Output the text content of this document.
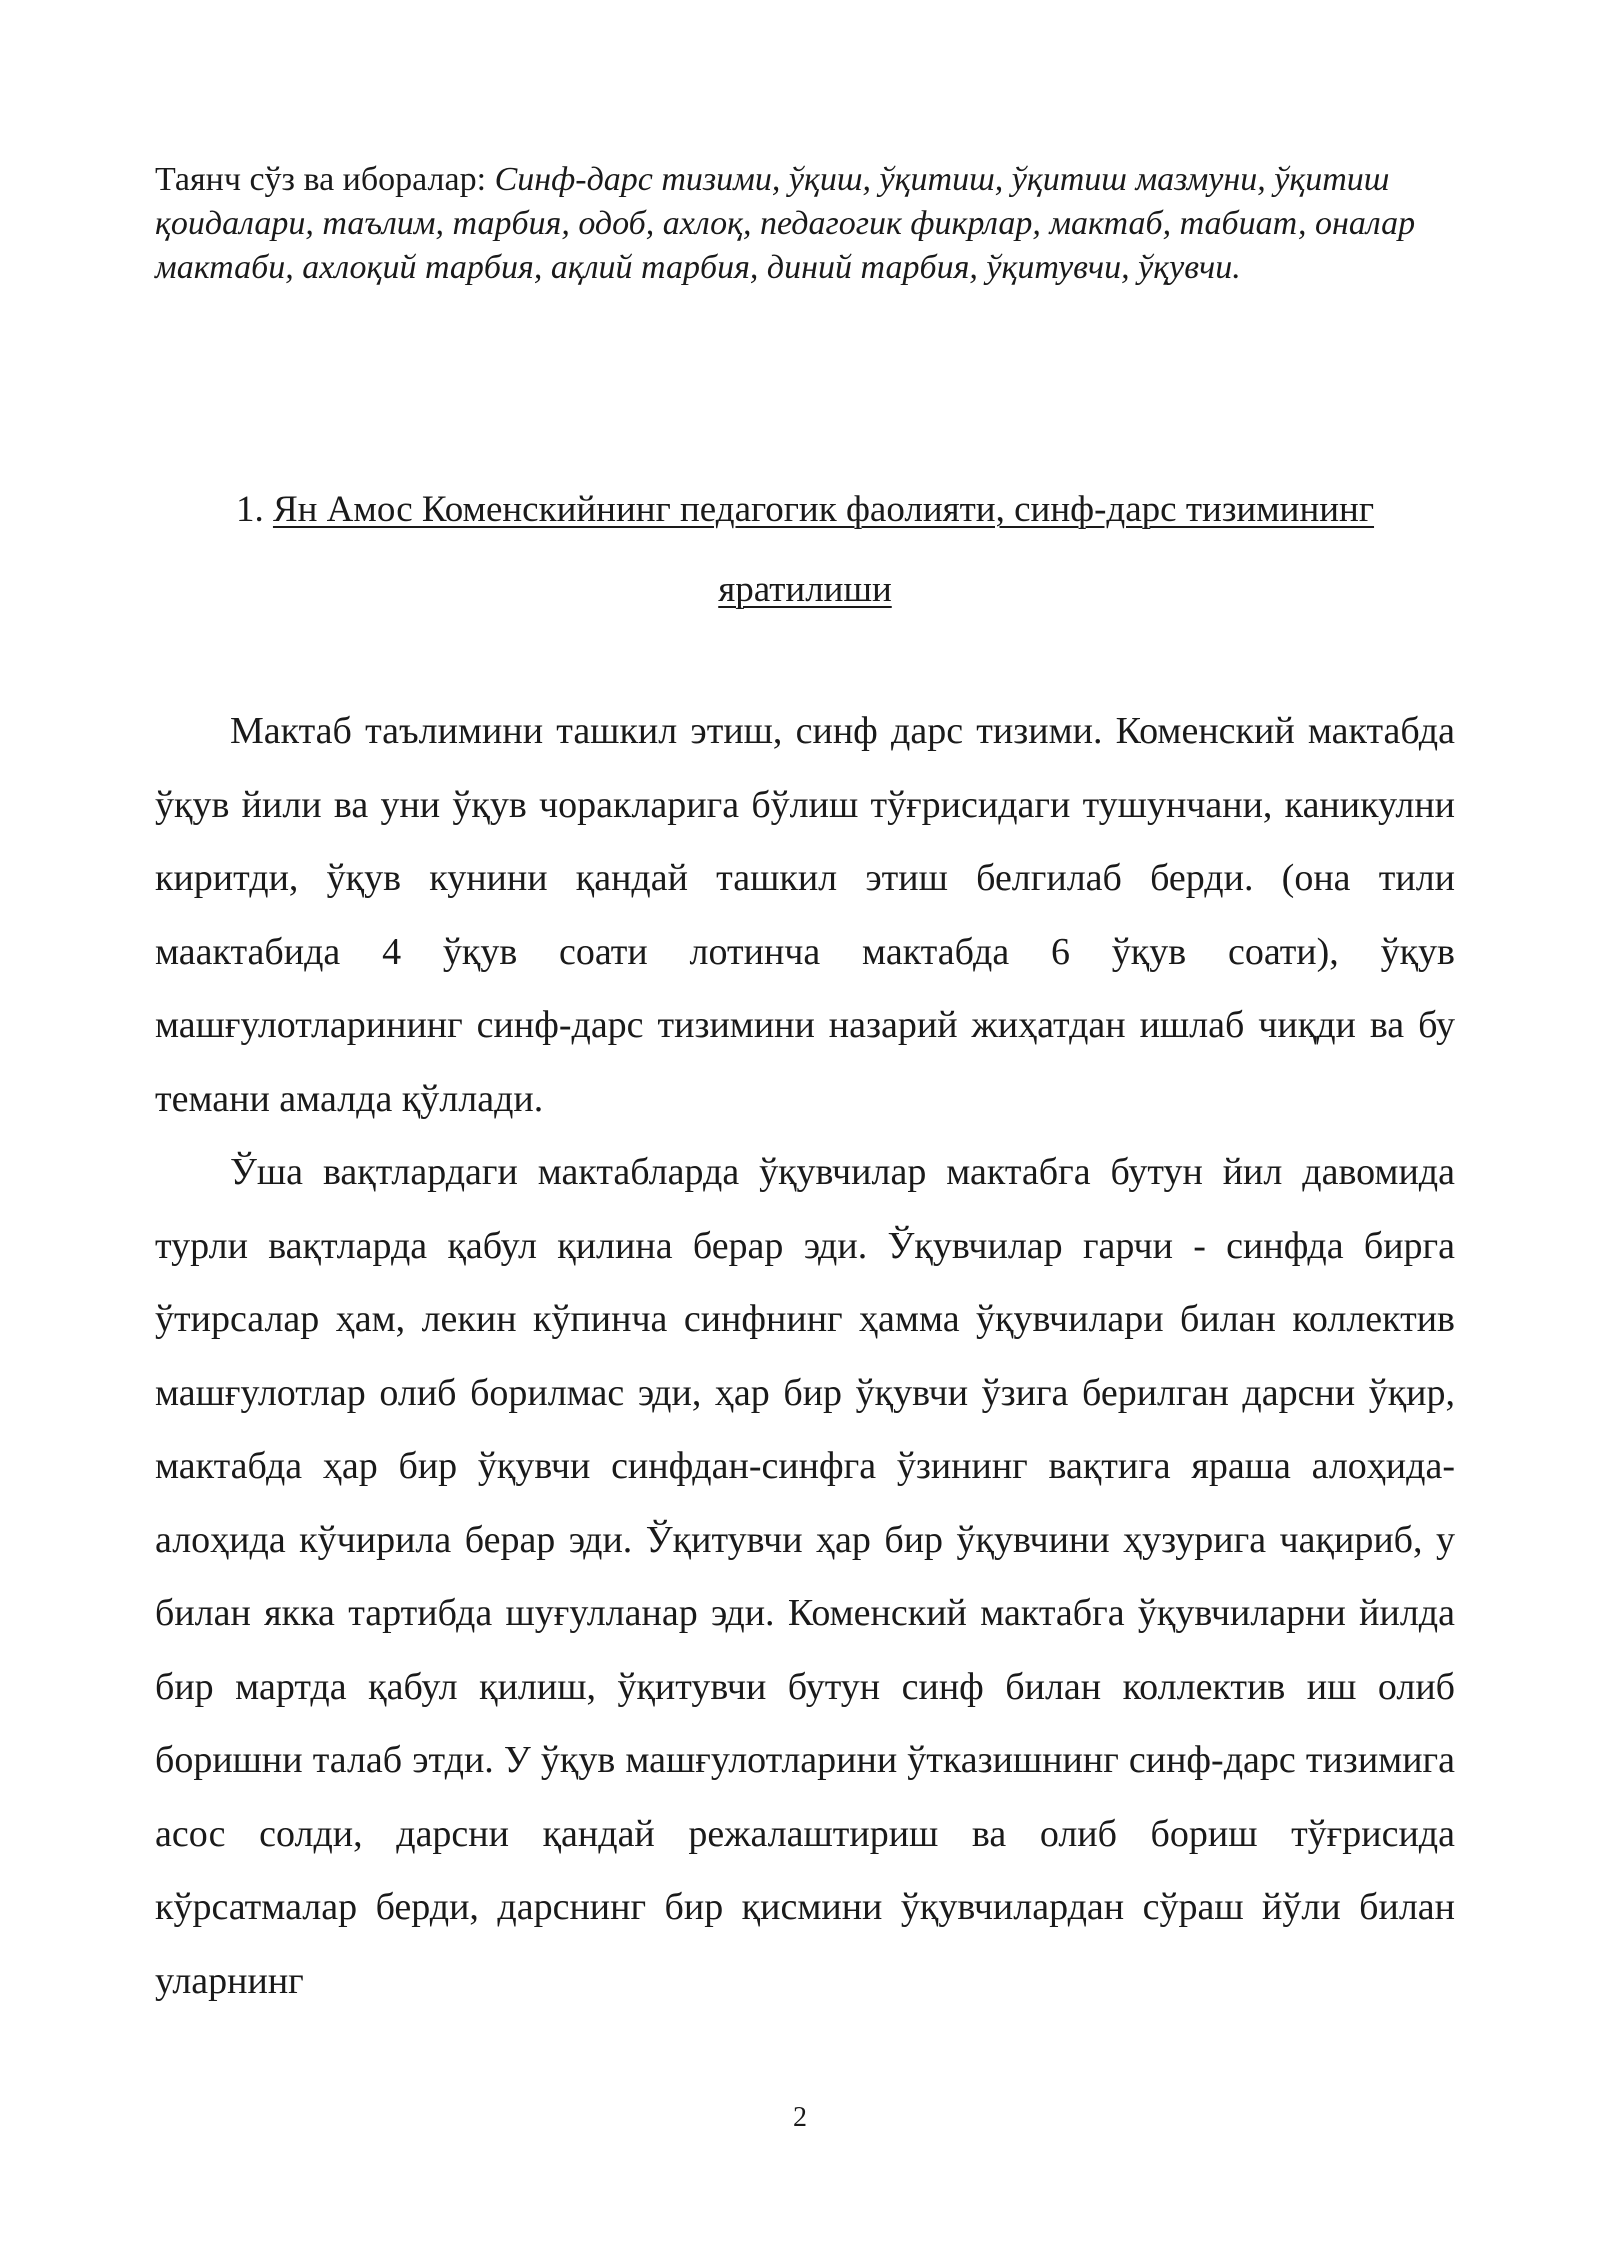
Таянч сўз ва иборалар: Синф-дарс тизими, ўқиш, ўқитиш, ўқитиш мазмуни, ўқитиш қоидалари, таълим, тарбия, одоб, ахлоқ, педагогик фикрлар, мактаб, табиат, оналар мактаби, ахлоқий тарбия, ақлий тарбия, диний тарбия, ўқитувчи, ўқувчи.
1. Ян Амос Коменскийнинг педагогик фаолияти, синф-дарс тизимининг яратилиши

Мактаб таълимини ташкил этиш, синф дарс тизими. Коменский мактабда ўқув йили ва уни ўқув чоракларига бўлиш тўғрисидаги тушунчани, каникулни киритди, ўқув кунини қандай ташкил этиш белгилаб берди. (она тили маактабида 4 ўқув соати лотинча мактабда 6 ўқув соати), ўқув машғулотларининг синф-дарс тизимини назарий жиҳатдан ишлаб чиқди ва бу темани амалда қўллади.

Ўша вақтлардаги мактабларда ўқувчилар мактабга бутун йил давомида турли вақтларда қабул қилина берар эди. Ўқувчилар гарчи - синфда бирга ўтирсалар ҳам, лекин кўпинча синфнинг ҳамма ўқувчилари билан коллектив машғулотлар олиб борилмас эди, ҳар бир ўқувчи ўзига берилган дарсни ўқир, мактабда ҳар бир ўқувчи синфдан-синфга ўзининг вақтига яраша алоҳида-алоҳида кўчирила берар эди. Ўқитувчи ҳар бир ўқувчини ҳузурига чақириб, у билан якка тартибда шуғулланар эди. Коменский мактабга ўқувчиларни йилда бир мартда қабул қилиш, ўқитувчи бутун синф билан коллектив иш олиб боришни талаб этди. У ўқув машғулотларини ўтказишнинг синф-дарс тизимига асос солди, дарсни қандай режалаштириш ва олиб бориш тўғрисида кўрсатмалар берди, дарснинг бир қисмини ўқувчилардан сўраш йўли билан уларнинг

2
